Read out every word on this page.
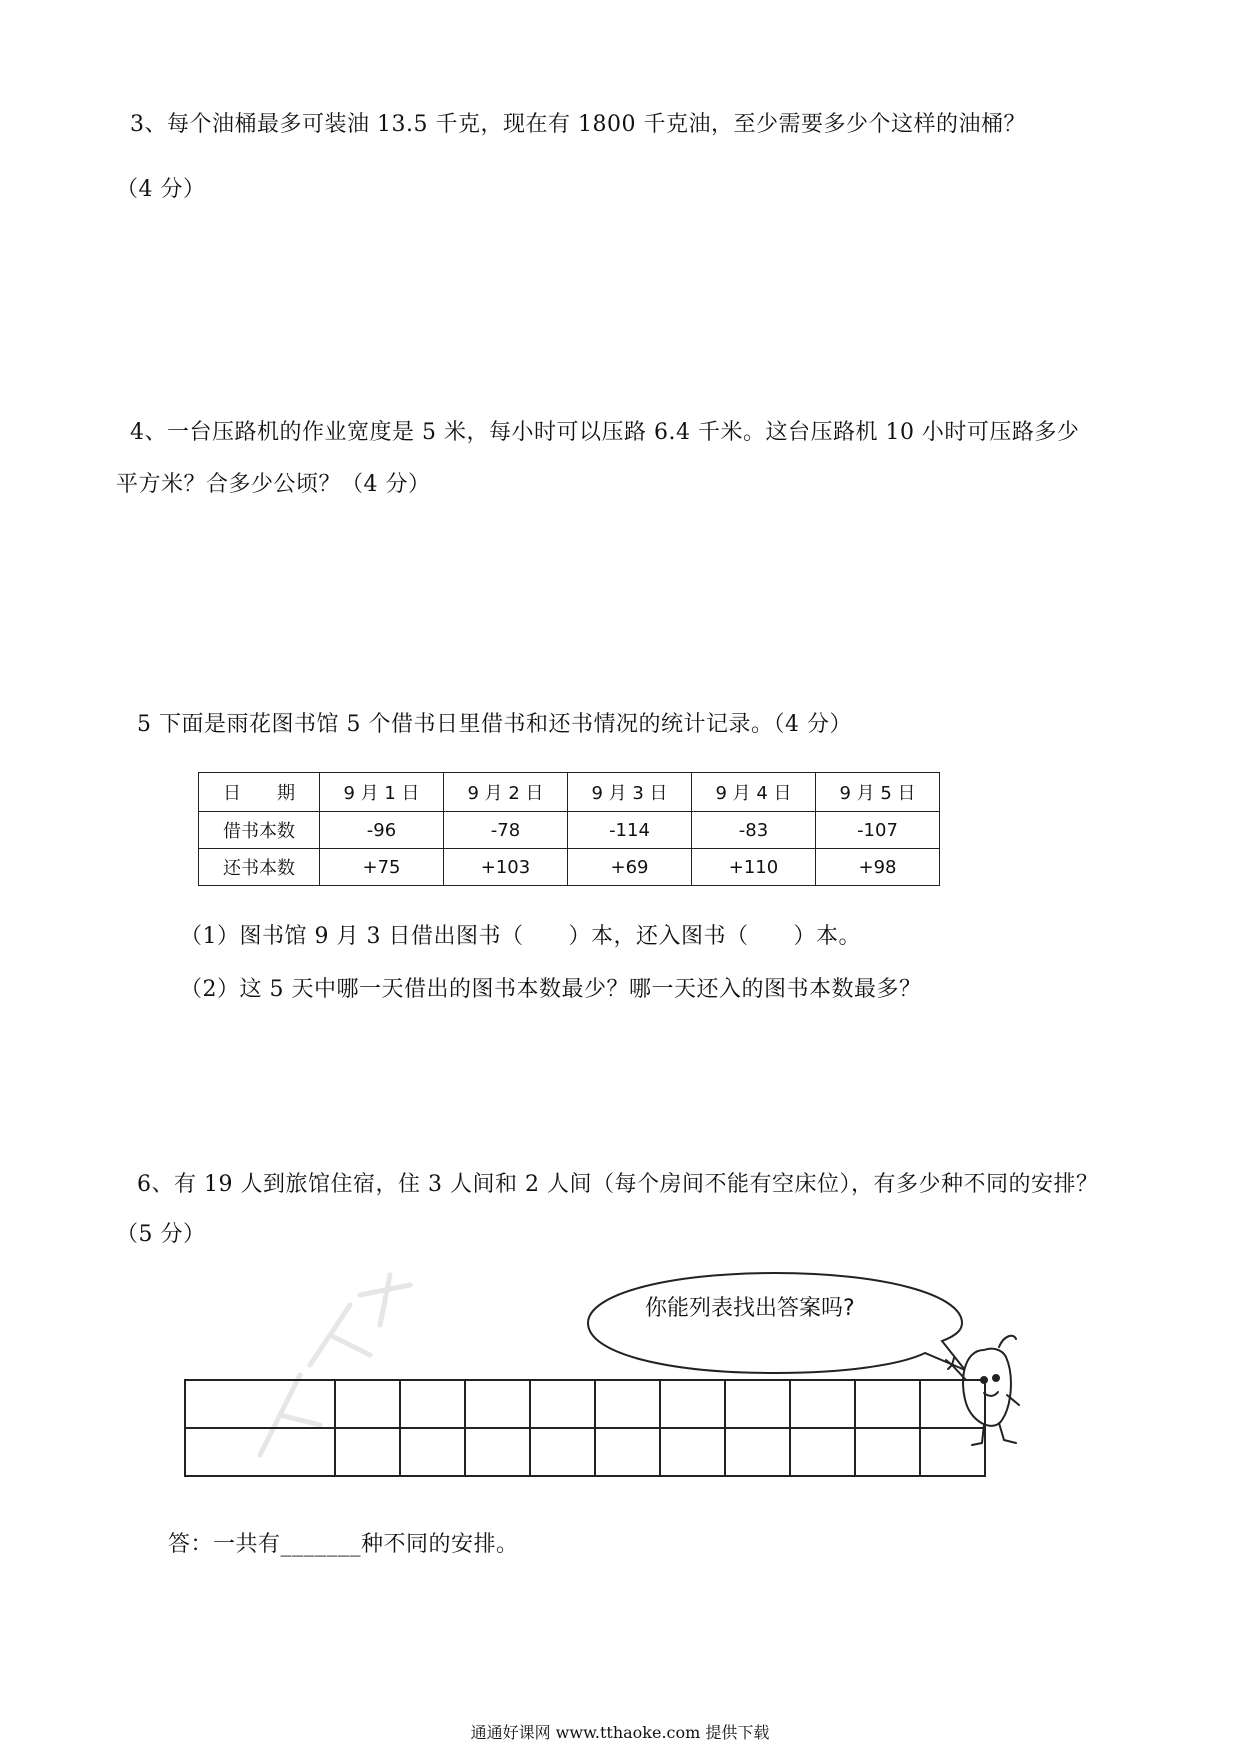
3、每个油桶最多可装油 13.5 千克，现在有 1800 千克油，至少需要多少个这样的油桶？
（4 分）
4、一台压路机的作业宽度是 5 米，每小时可以压路 6.4 千米。这台压路机 10 小时可压路多少
平方米？合多少公顷？（4 分）
5 下面是雨花图书馆 5 个借书日里借书和还书情况的统计记录。（4 分）
日　　期	9 月 1 日	9 月 2 日	9 月 3 日	9 月 4 日	9 月 5 日
借书本数	-96	-78	-114	-83	-107
还书本数	+75	+103	+69	+110	+98
（1）图书馆 9 月 3 日借出图书（　　）本，还入图书（　　）本。
（2）这 5 天中哪一天借出的图书本数最少？哪一天还入的图书本数最多？
6、有 19 人到旅馆住宿，住 3 人间和 2 人间（每个房间不能有空床位），有多少种不同的安排？
（5 分）
你能列表找出答案吗?

答：一共有_______种不同的安排。
通通好课网 www.tthaoke.com 提供下载
